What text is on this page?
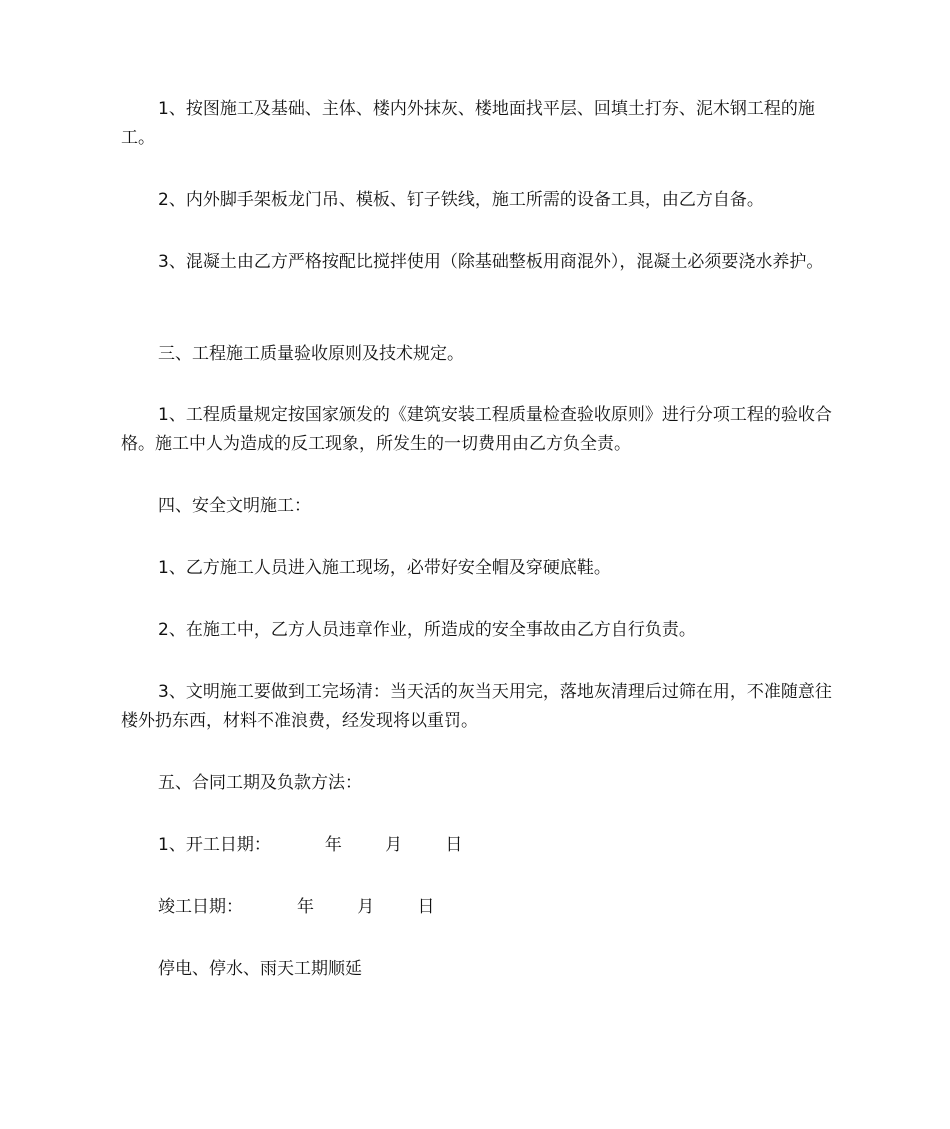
1、按图施工及基础、主体、楼内外抹灰、楼地面找平层、回填土打夯、泥木钢工程的施工。
2、内外脚手架板龙门吊、模板、钉子铁线，施工所需的设备工具，由乙方自备。
3、混凝土由乙方严格按配比搅拌使用（除基础整板用商混外），混凝土必须要浇水养护。
三、工程施工质量验收原则及技术规定。
1、工程质量规定按国家颁发的《建筑安装工程质量检查验收原则》进行分项工程的验收合格。施工中人为造成的反工现象，所发生的一切费用由乙方负全责。
四、安全文明施工：
1、乙方施工人员进入施工现场，必带好安全帽及穿硬底鞋。
2、在施工中，乙方人员违章作业，所造成的安全事故由乙方自行负责。
3、文明施工要做到工完场清：当天活的灰当天用完，落地灰清理后过筛在用，不准随意往楼外扔东西，材料不准浪费，经发现将以重罚。
五、合同工期及负款方法：
1、开工日期：          年        月        日
竣工日期：          年        月        日
停电、停水、雨天工期顺延
